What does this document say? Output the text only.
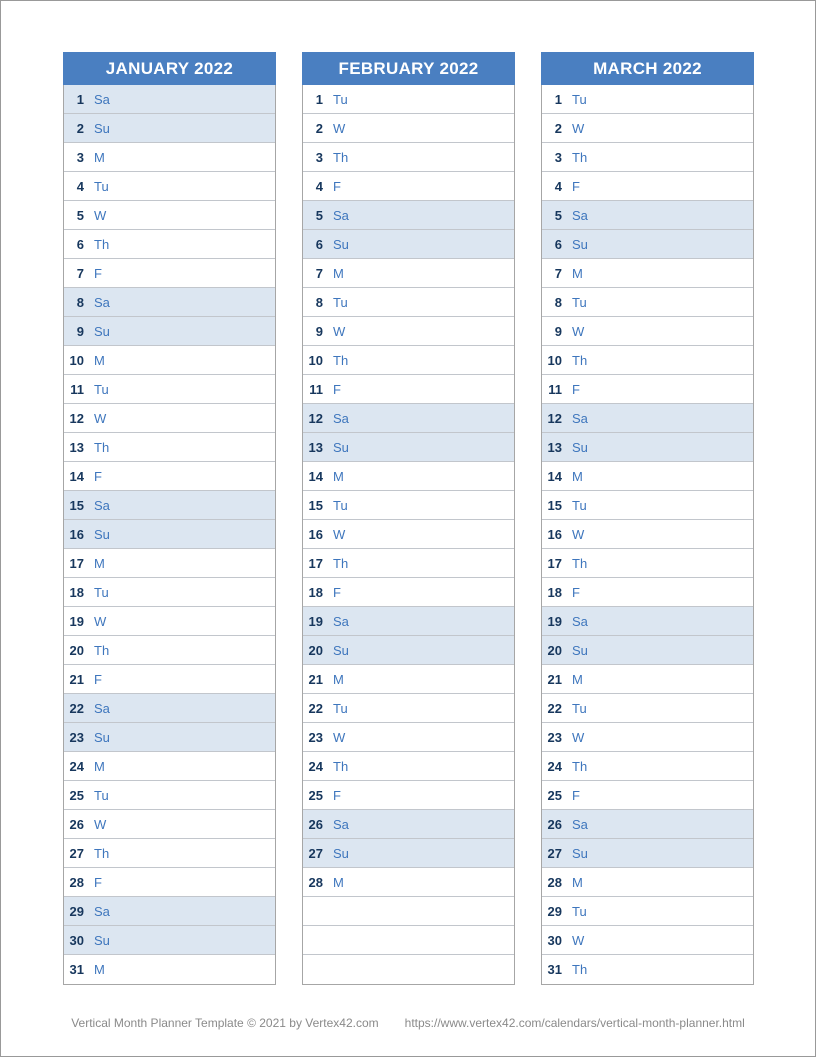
JANUARY 2022
1 Sa
2 Su
3 M
4 Tu
5 W
6 Th
7 F
8 Sa
9 Su
10 M
11 Tu
12 W
13 Th
14 F
15 Sa
16 Su
17 M
18 Tu
19 W
20 Th
21 F
22 Sa
23 Su
24 M
25 Tu
26 W
27 Th
28 F
29 Sa
30 Su
31 M
FEBRUARY 2022
1 Tu
2 W
3 Th
4 F
5 Sa
6 Su
7 M
8 Tu
9 W
10 Th
11 F
12 Sa
13 Su
14 M
15 Tu
16 W
17 Th
18 F
19 Sa
20 Su
21 M
22 Tu
23 W
24 Th
25 F
26 Sa
27 Su
28 M
MARCH 2022
1 Tu
2 W
3 Th
4 F
5 Sa
6 Su
7 M
8 Tu
9 W
10 Th
11 F
12 Sa
13 Su
14 M
15 Tu
16 W
17 Th
18 F
19 Sa
20 Su
21 M
22 Tu
23 W
24 Th
25 F
26 Sa
27 Su
28 M
29 Tu
30 W
31 Th
Vertical Month Planner Template © 2021 by Vertex42.com https://www.vertex42.com/calendars/vertical-month-planner.html
